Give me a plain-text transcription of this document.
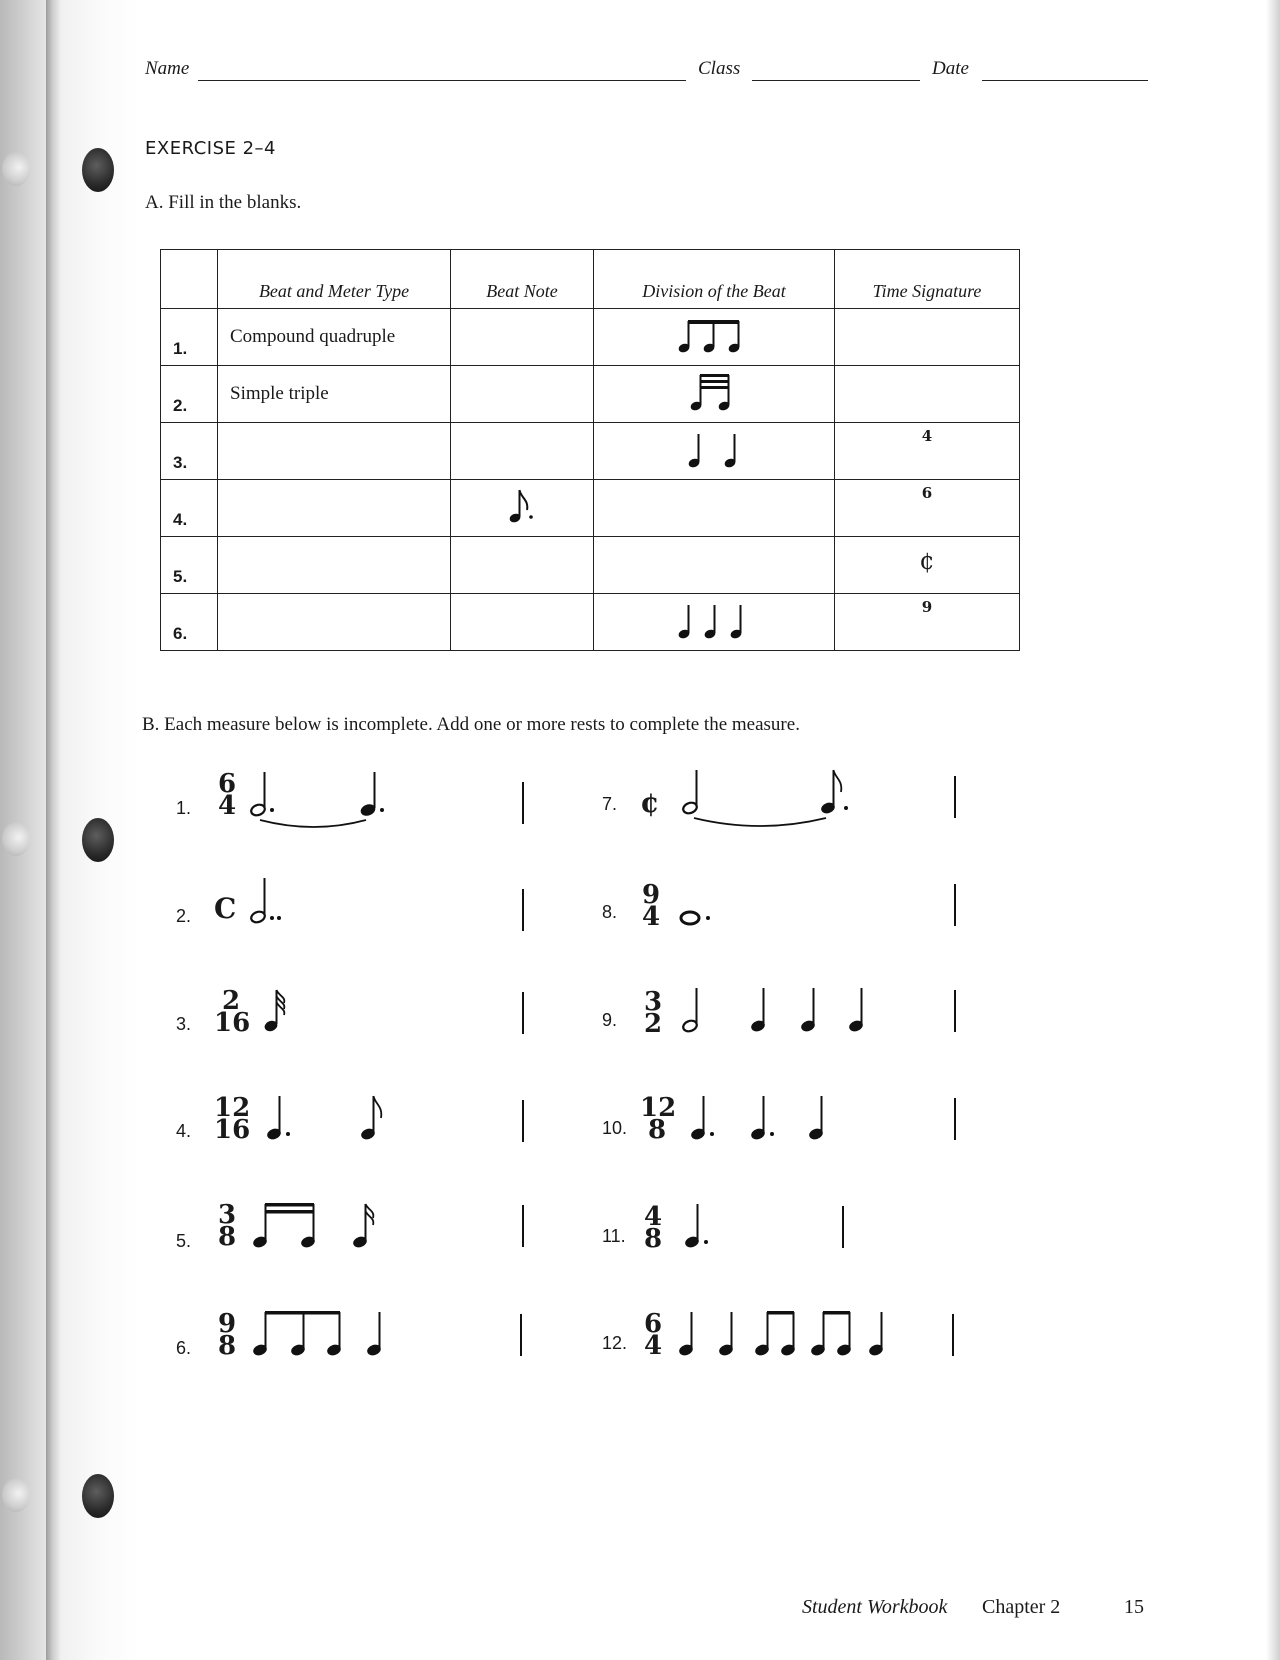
Name	Class	Date
EXERCISE 2–4
A. Fill in the blanks.
	Beat and Meter Type	Beat Note	Division of the Beat	Time Signature
1.	Compound quadruple			
2.	Simple triple			
3.				4
4.				6
5.				¢
6.				9
B. Each measure below is incomplete. Add one or more rests to complete the measure.
1.
6
4
2. C
3.
2
16
4.
12
16
5.
3
8
6.
9
8
7. ¢
8.
9
4
9.
3
2
10.
12
8
11.
4
8
12.
6
4
Student Workbook Chapter 2	15
